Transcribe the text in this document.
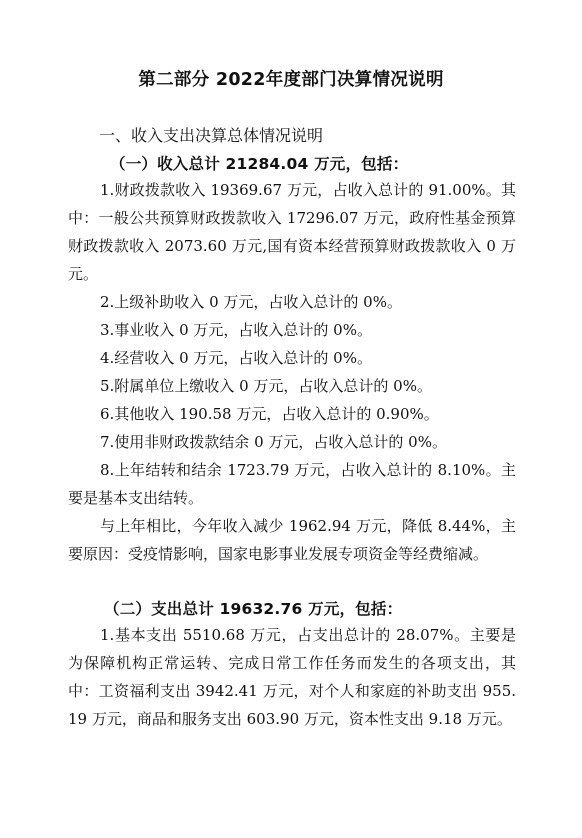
第二部分 2022年度部门决算情况说明
一、收入支出决算总体情况说明
（一）收入总计 21284.04 万元，包括：

1.财政拨款收入 19369.67 万元，占收入总计的 91.00%。其中：一般公共预算财政拨款收入 17296.07 万元，政府性基金预算财政拨款收入 2073.60 万元,国有资本经营预算财政拨款收入 0 万元。

2.上级补助收入 0 万元，占收入总计的 0%。

3.事业收入 0 万元，占收入总计的 0%。

4.经营收入 0 万元，占收入总计的 0%。

5.附属单位上缴收入 0 万元，占收入总计的 0%。

6.其他收入 190.58 万元，占收入总计的 0.90%。

7.使用非财政拨款结余 0 万元，占收入总计的 0%。

8.上年结转和结余 1723.79 万元，占收入总计的 8.10%。主要是基本支出结转。

与上年相比，今年收入减少 1962.94 万元，降低 8.44%，主要原因：受疫情影响，国家电影事业发展专项资金等经费缩减。

（二）支出总计 19632.76 万元，包括：

1.基本支出 5510.68 万元，占支出总计的 28.07%。主要是为保障机构正常运转、完成日常工作任务而发生的各项支出，其中：工资福利支出 3942.41 万元，对个人和家庭的补助支出 955.19 万元，商品和服务支出 603.90 万元，资本性支出 9.18 万元。
